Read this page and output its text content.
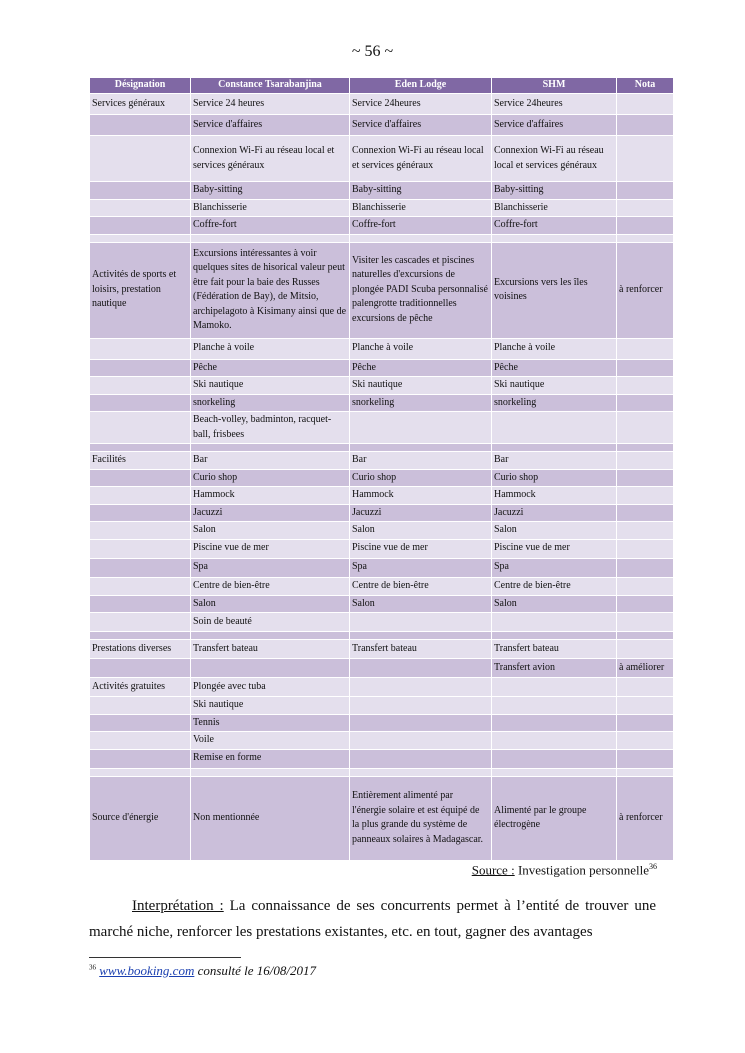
~ 56 ~
Désignation	Constance Tsarabanjina	Eden Lodge	SHM	Nota
Services généraux	Service 24 heures	Service 24heures	Service 24heures	
	Service d'affaires	Service d'affaires	Service d'affaires	
	Connexion Wi-Fi au réseau local et services généraux	Connexion Wi-Fi au réseau local et services généraux	Connexion Wi-Fi au réseau local et services généraux	
	Baby-sitting	Baby-sitting	Baby-sitting	
	Blanchisserie	Blanchisserie	Blanchisserie	
	Coffre-fort	Coffre-fort	Coffre-fort	

Activités de sports et loisirs, prestation nautique	Excursions intéressantes à voir quelques sites de hisorical valeur peut être fait pour la baie des Russes (Fédération de Bay), de Mitsio, archipelagoto à Kisimany ainsi que de Mamoko.	Visiter les cascades et piscines naturelles d'excursions de plongée PADI Scuba personnalisé palengrotte traditionnelles excursions de pêche	Excursions vers les îles voisines	à renforcer
	Planche à voile	Planche à voile	Planche à voile	
	Pêche	Pêche	Pêche	
	Ski nautique	Ski nautique	Ski nautique	
	snorkeling	snorkeling	snorkeling	
	Beach-volley, badminton, racquet-ball, frisbees			

Facilités	Bar	Bar	Bar	
	Curio shop	Curio shop	Curio shop	
	Hammock	Hammock	Hammock	
	Jacuzzi	Jacuzzi	Jacuzzi	
	Salon	Salon	Salon	
	Piscine vue de mer	Piscine vue de mer	Piscine vue de mer	
	Spa	Spa	Spa	
	Centre de bien-être	Centre de bien-être	Centre de bien-être	
	Salon	Salon	Salon	
	Soin de beauté			

Prestations diverses	Transfert bateau	Transfert bateau	Transfert bateau	
			Transfert avion	à améliorer
Activités gratuites	Plongée avec tuba			
	Ski nautique			
	Tennis			
	Voile			
	Remise en forme			

Source d'énergie	Non mentionnée	Entièrement alimenté par l'énergie solaire et est équipé de la plus grande du système de panneaux solaires à Madagascar.	Alimenté par le groupe électrogène	à renforcer
Source : Investigation personnelle$^{36}$

Interprétation : La connaissance de ses concurrents permet à l’entité de trouver une marché niche, renforcer les prestations existantes, etc. en tout, gagner des avantages

$^{36}$ www.booking.com consulté le 16/08/2017
